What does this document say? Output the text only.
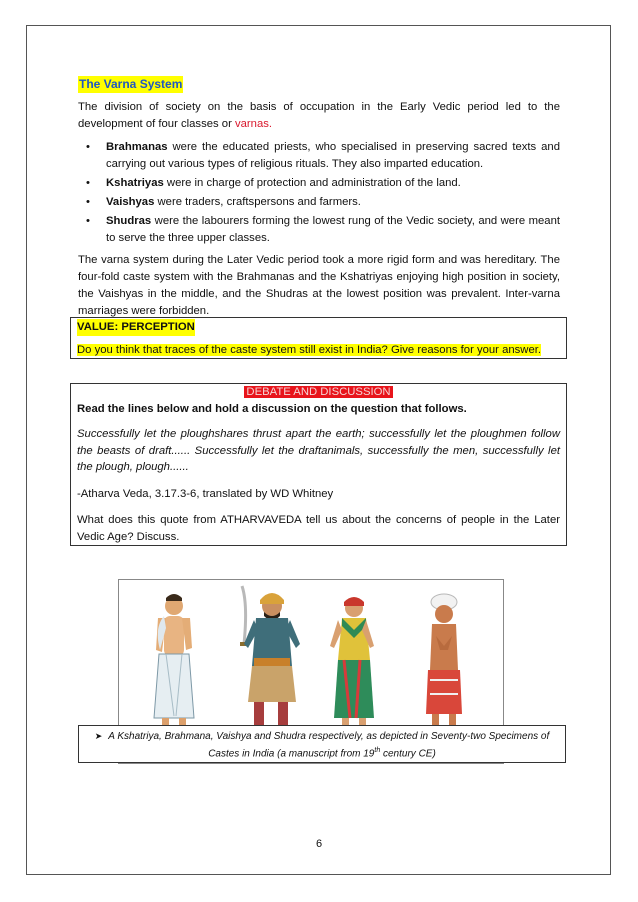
The Varna System

The division of society on the basis of occupation in the Early Vedic period led to the development of four classes or varnas.

• Brahmanas were the educated priests, who specialised in preserving sacred texts and carrying out various types of religious rituals. They also imparted education.
• Kshatriyas were in charge of protection and administration of the land.
• Vaishyas were traders, craftspersons and farmers.
• Shudras were the labourers forming the lowest rung of the Vedic society, and were meant to serve the three upper classes.

The varna system during the Later Vedic period took a more rigid form and was hereditary. The four-fold caste system with the Brahmanas and the Kshatriyas enjoying high position in society, the Vaishyas in the middle, and the Shudras at the lowest position was prevalent. Inter-varna marriages were forbidden.

VALUE: PERCEPTION
Do you think that traces of the caste system still exist in India? Give reasons for your answer.
DEBATE AND DISCUSSION

Read the lines below and hold a discussion on the question that follows.

Successfully let the ploughshares thrust apart the earth; successfully let the ploughmen follow the beasts of draft...... Successfully let the draftanimals, successfully the men, successfully let the plough, plough......

-Atharva Veda, 3.17.3-6, translated by WD Whitney

What does this quote from ATHARVAVEDA tell us about the concerns of people in the Later Vedic Age? Discuss.

➤ A Kshatriya, Brahmana, Vaishya and Shudra respectively, as depicted in Seventy-two Specimens of Castes in India (a manuscript from 19th century CE)
6
